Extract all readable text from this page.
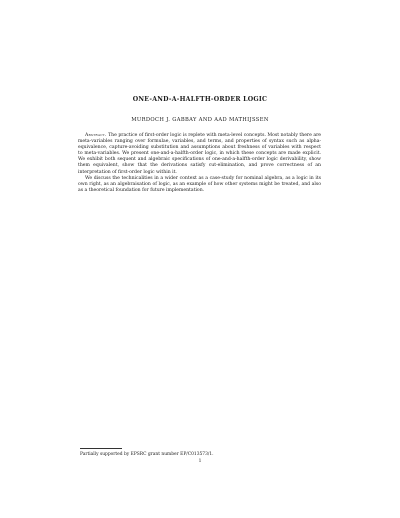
ONE-AND-A-HALFTH-ORDER LOGIC
MURDOCH J. GABBAY AND AAD MATHIJSSEN

Abstract. The practice of first-order logic is replete with meta-level concepts. Most notably there are meta-variables ranging over formulae, variables, and terms, and properties of syntax such as alpha-equivalence, capture-avoiding substitution and assumptions about freshness of variables with respect to meta-variables. We present one-and-a-halfth-order logic, in which these concepts are made explicit. We exhibit both sequent and algebraic specifications of one-and-a-halfth-order logic derivability, show them equivalent, show that the derivations satisfy cut-elimination, and prove correctness of an interpretation of first-order logic within it.

We discuss the technicalities in a wider context as a case-study for nominal algebra, as a logic in its own right, as an algebraisation of logic, as an example of how other systems might be treated, and also as a theoretical foundation for future implementation.

Partially supported by EPSRC grant number EP/C013573/1.
1
